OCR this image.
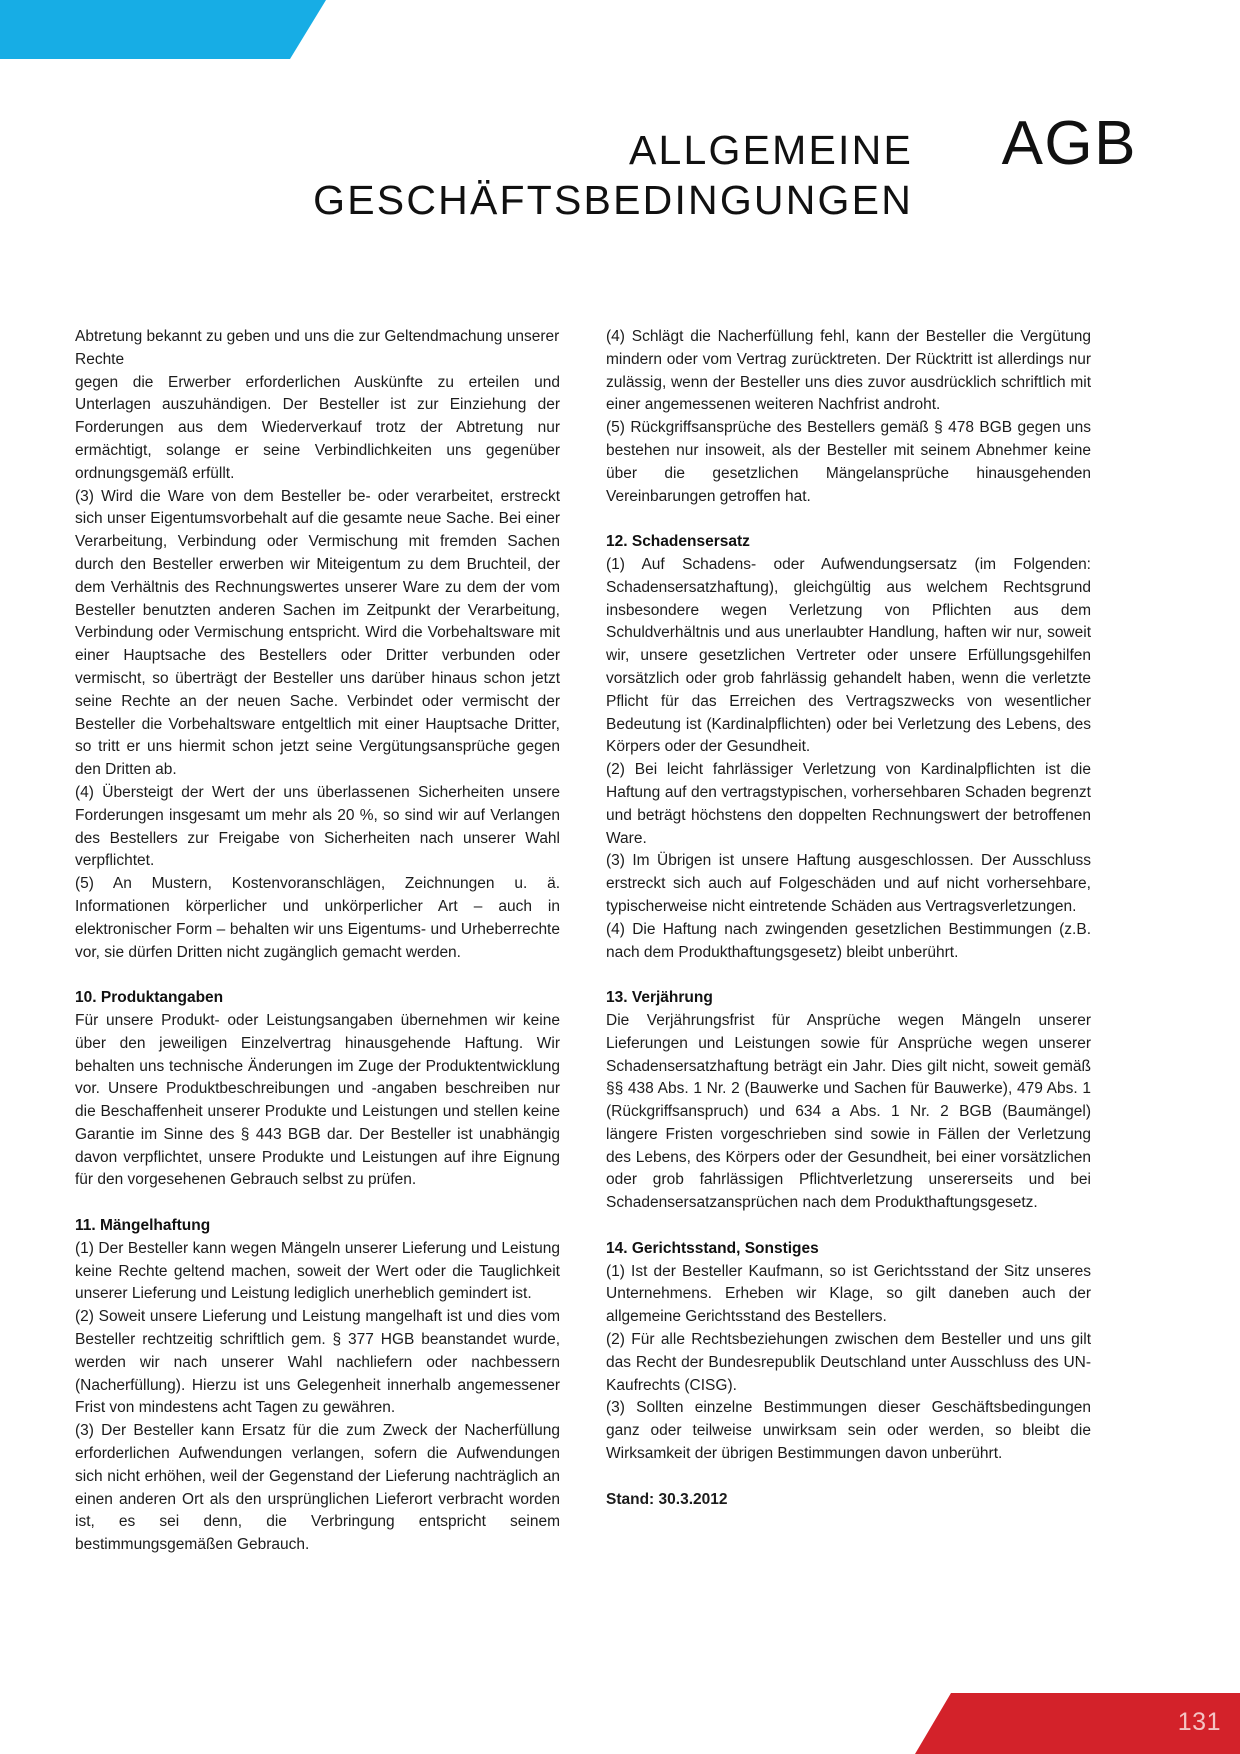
ALLGEMEINE
GESCHÄFTSBEDINGUNGEN
AGB

Abtretung bekannt zu geben und uns die zur Geltendmachung unserer Rechte

gegen die Erwerber erforderlichen Auskünfte zu erteilen und Unterlagen auszuhändigen. Der Besteller ist zur Einziehung der Forderungen aus dem Wiederverkauf trotz der Abtretung nur ermächtigt, solange er seine Verbindlichkeiten uns gegenüber ordnungsgemäß erfüllt.

(3) Wird die Ware von dem Besteller be- oder verarbeitet, erstreckt sich unser Eigentumsvorbehalt auf die gesamte neue Sache. Bei einer Verarbeitung, Verbindung oder Vermischung mit fremden Sachen durch den Besteller erwerben wir Miteigentum zu dem Bruchteil, der dem Verhältnis des Rechnungswertes unserer Ware zu dem der vom Besteller benutzten anderen Sachen im Zeitpunkt der Verarbeitung, Verbindung oder Vermischung entspricht. Wird die Vorbehaltsware mit einer Hauptsache des Bestellers oder Dritter verbunden oder vermischt, so überträgt der Besteller uns darüber hinaus schon jetzt seine Rechte an der neuen Sache. Verbindet oder vermischt der Besteller die Vorbehaltsware entgeltlich mit einer Hauptsache Dritter, so tritt er uns hiermit schon jetzt seine Vergütungsansprüche gegen den Dritten ab.

(4) Übersteigt der Wert der uns überlassenen Sicherheiten unsere Forderungen insgesamt um mehr als 20 %, so sind wir auf Verlangen des Bestellers zur Freigabe von Sicherheiten nach unserer Wahl verpflichtet.

(5) An Mustern, Kostenvoranschlägen, Zeichnungen u. ä. Informationen körperlicher und unkörperlicher Art – auch in elektronischer Form – behalten wir uns Eigentums- und Urheberrechte vor, sie dürfen Dritten nicht zugänglich gemacht werden.

10. Produktangaben

Für unsere Produkt- oder Leistungsangaben übernehmen wir keine über den jeweiligen Einzelvertrag hinausgehende Haftung. Wir behalten uns technische Änderungen im Zuge der Produktentwicklung vor. Unsere Produktbeschreibungen und -angaben beschreiben nur die Beschaffenheit unserer Produkte und Leistungen und stellen keine Garantie im Sinne des § 443 BGB dar. Der Besteller ist unabhängig davon verpflichtet, unsere Produkte und Leistungen auf ihre Eignung für den vorgesehenen Gebrauch selbst zu prüfen.

11. Mängelhaftung

(1) Der Besteller kann wegen Mängeln unserer Lieferung und Leistung keine Rechte geltend machen, soweit der Wert oder die Tauglichkeit unserer Lieferung und Leistung lediglich unerheblich gemindert ist.

(2) Soweit unsere Lieferung und Leistung mangelhaft ist und dies vom Besteller rechtzeitig schriftlich gem. § 377 HGB beanstandet wurde, werden wir nach unserer Wahl nachliefern oder nachbessern (Nacherfüllung). Hierzu ist uns Gelegenheit innerhalb angemessener Frist von mindestens acht Tagen zu gewähren.

(3) Der Besteller kann Ersatz für die zum Zweck der Nacherfüllung erforderlichen Aufwendungen verlangen, sofern die Aufwendungen sich nicht erhöhen, weil der Gegenstand der Lieferung nachträglich an einen anderen Ort als den ursprünglichen Lieferort verbracht worden ist, es sei denn, die Verbringung entspricht seinem bestimmungsgemäßen Gebrauch.

(4) Schlägt die Nacherfüllung fehl, kann der Besteller die Vergütung mindern oder vom Vertrag zurücktreten. Der Rücktritt ist allerdings nur zulässig, wenn der Besteller uns dies zuvor ausdrücklich schriftlich mit einer angemessenen weiteren Nachfrist androht.

(5) Rückgriffsansprüche des Bestellers gemäß § 478 BGB gegen uns bestehen nur insoweit, als der Besteller mit seinem Abnehmer keine über die gesetzlichen Mängelansprüche hinausgehenden Vereinbarungen getroffen hat.

12. Schadensersatz

(1) Auf Schadens- oder Aufwendungsersatz (im Folgenden: Schadensersatzhaftung), gleichgültig aus welchem Rechtsgrund insbesondere wegen Verletzung von Pflichten aus dem Schuldverhältnis und aus unerlaubter Handlung, haften wir nur, soweit wir, unsere gesetzlichen Vertreter oder unsere Erfüllungsgehilfen vorsätzlich oder grob fahrlässig gehandelt haben, wenn die verletzte Pflicht für das Erreichen des Vertragszwecks von wesentlicher Bedeutung ist (Kardinalpflichten) oder bei Verletzung des Lebens, des Körpers oder der Gesundheit.

(2) Bei leicht fahrlässiger Verletzung von Kardinalpflichten ist die Haftung auf den vertragstypischen, vorhersehbaren Schaden begrenzt und beträgt höchstens den doppelten Rechnungswert der betroffenen Ware.

(3) Im Übrigen ist unsere Haftung ausgeschlossen. Der Ausschluss erstreckt sich auch auf Folgeschäden und auf nicht vorhersehbare, typischerweise nicht eintretende Schäden aus Vertragsverletzungen.

(4) Die Haftung nach zwingenden gesetzlichen Bestimmungen (z.B. nach dem Produkthaftungsgesetz) bleibt unberührt.

13. Verjährung

Die Verjährungsfrist für Ansprüche wegen Mängeln unserer Lieferungen und Leistungen sowie für Ansprüche wegen unserer Schadensersatzhaftung beträgt ein Jahr. Dies gilt nicht, soweit gemäß §§ 438 Abs. 1 Nr. 2 (Bauwerke und Sachen für Bauwerke), 479 Abs. 1 (Rückgriffsanspruch) und 634 a Abs. 1 Nr. 2 BGB (Baumängel) längere Fristen vorgeschrieben sind sowie in Fällen der Verletzung des Lebens, des Körpers oder der Gesundheit, bei einer vorsätzlichen oder grob fahrlässigen Pflichtverletzung unsererseits und bei Schadensersatzansprüchen nach dem Produkthaftungsgesetz.

14. Gerichtsstand, Sonstiges

(1) Ist der Besteller Kaufmann, so ist Gerichtsstand der Sitz unseres Unternehmens. Erheben wir Klage, so gilt daneben auch der allgemeine Gerichtsstand des Bestellers.

(2) Für alle Rechtsbeziehungen zwischen dem Besteller und uns gilt das Recht der Bundesrepublik Deutschland unter Ausschluss des UN-Kaufrechts (CISG).

(3) Sollten einzelne Bestimmungen dieser Geschäftsbedingungen ganz oder teilweise unwirksam sein oder werden, so bleibt die Wirksamkeit der übrigen Bestimmungen davon unberührt.

Stand: 30.3.2012

131
